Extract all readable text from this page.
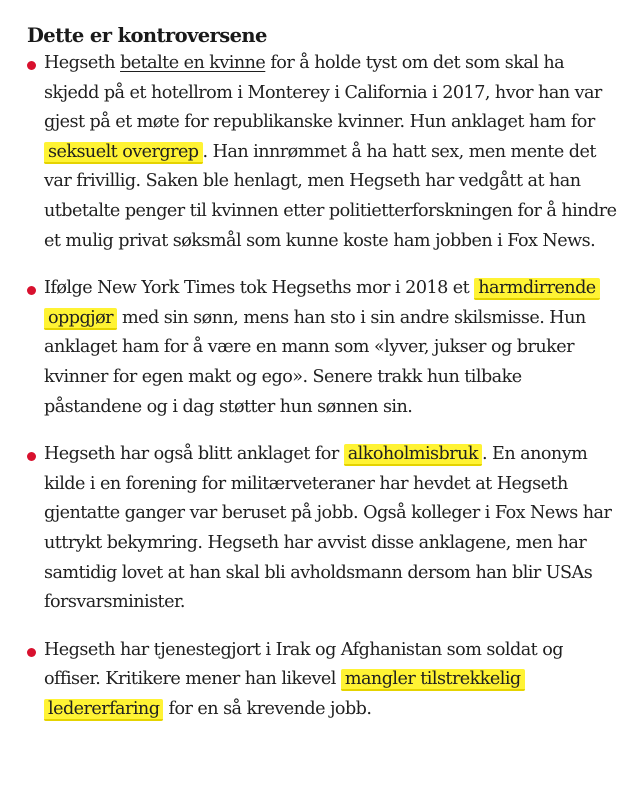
Dette er kontroversene
Hegseth betalte en kvinne for å holde tyst om det som skal ha skjedd på et hotellrom i Monterey i California i 2017, hvor han var gjest på et møte for republikanske kvinner. Hun anklaget ham for seksuelt overgrep . Han innrømmet å ha hatt sex, men mente det var frivillig. Saken ble henlagt, men Hegseth har vedgått at han utbetalte penger til kvinnen etter politietterforskningen for å hindre et mulig privat søksmål som kunne koste ham jobben i Fox News.
Ifølge New York Times tok Hegseths mor i 2018 et harmdirrende oppgjør med sin sønn, mens han sto i sin andre skilsmisse. Hun anklaget ham for å være en mann som «lyver, jukser og bruker kvinner for egen makt og ego». Senere trakk hun tilbake påstandene og i dag støtter hun sønnen sin.
Hegseth har også blitt anklaget for alkoholmisbruk . En anonym kilde i en forening for militærveteraner har hevdet at Hegseth gjentatte ganger var beruset på jobb. Også kolleger i Fox News har uttrykt bekymring. Hegseth har avvist disse anklagene, men har samtidig lovet at han skal bli avholdsmann dersom han blir USAs forsvarsminister.
Hegseth har tjenestegjort i Irak og Afghanistan som soldat og offiser. Kritikere mener han likevel mangler tilstrekkelig ledererfaring for en så krevende jobb.
